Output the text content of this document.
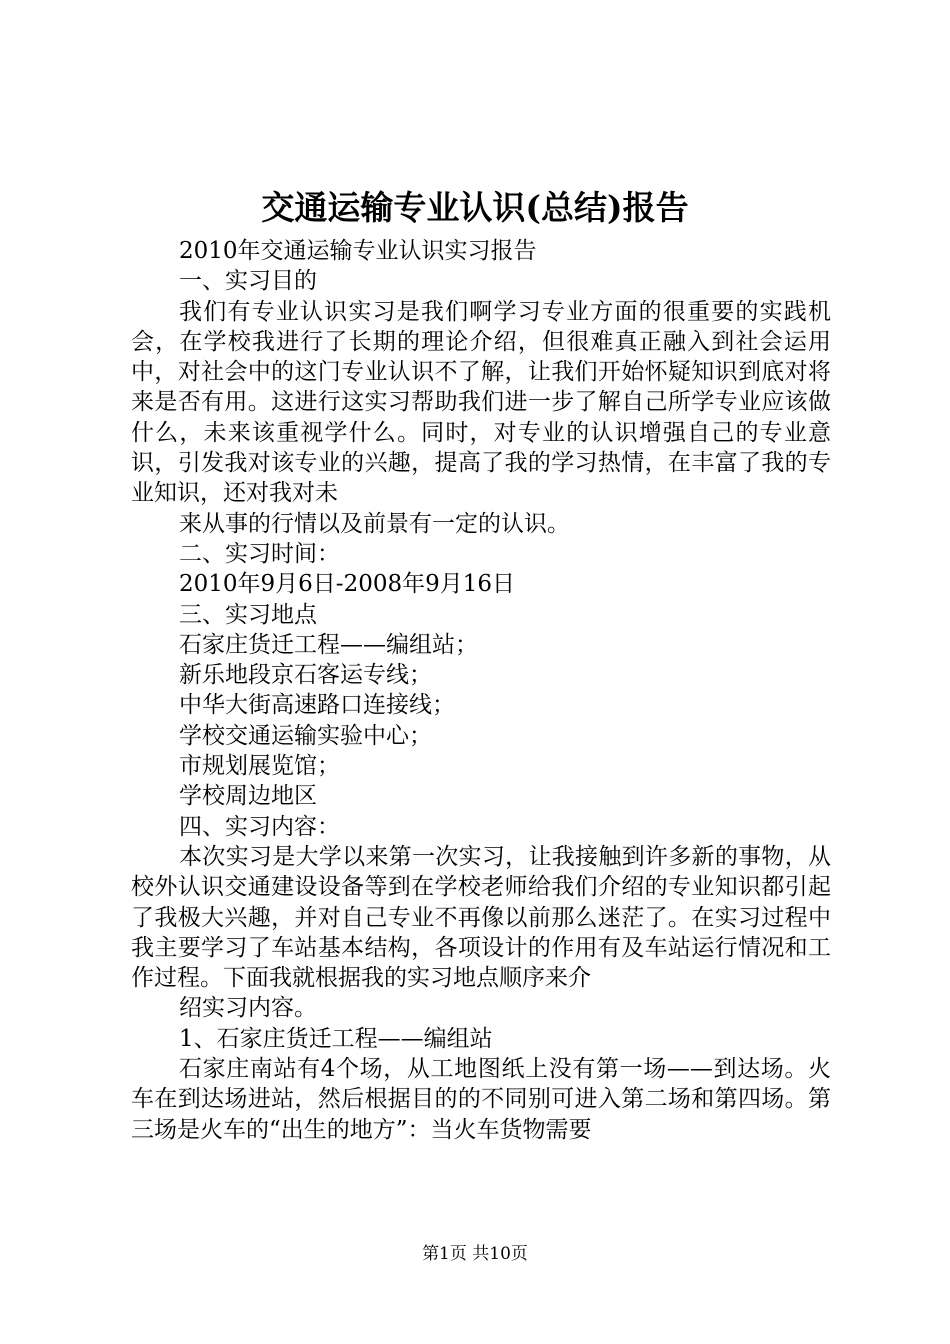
交通运输专业认识(总结)报告

2010年交通运输专业认识实习报告

一、实习目的

我们有专业认识实习是我们啊学习专业方面的很重要的实践机会，在学校我进行了长期的理论介绍，但很难真正融入到社会运用中，对社会中的这门专业认识不了解，让我们开始怀疑知识到底对将来是否有用。这进行这实习帮助我们进一步了解自己所学专业应该做什么，未来该重视学什么。同时，对专业的认识增强自己的专业意识，引发我对该专业的兴趣，提高了我的学习热情，在丰富了我的专业知识，还对我对未

来从事的行情以及前景有一定的认识。

二、实习时间：

2010年9月6日-2008年9月16日

三、实习地点

石家庄货迁工程——编组站；

新乐地段京石客运专线；

中华大街高速路口连接线；

学校交通运输实验中心；

市规划展览馆；

学校周边地区

四、实习内容：

本次实习是大学以来第一次实习，让我接触到许多新的事物，从校外认识交通建设设备等到在学校老师给我们介绍的专业知识都引起了我极大兴趣，并对自己专业不再像以前那么迷茫了。在实习过程中我主要学习了车站基本结构，各项设计的作用有及车站运行情况和工作过程。下面我就根据我的实习地点顺序来介

绍实习内容。

1、石家庄货迁工程——编组站

石家庄南站有4个场，从工地图纸上没有第一场——到达场。火车在到达场进站，然后根据目的的不同别可进入第二场和第四场。第三场是火车的“出生的地方”：当火车货物需要

第1页 共10页
